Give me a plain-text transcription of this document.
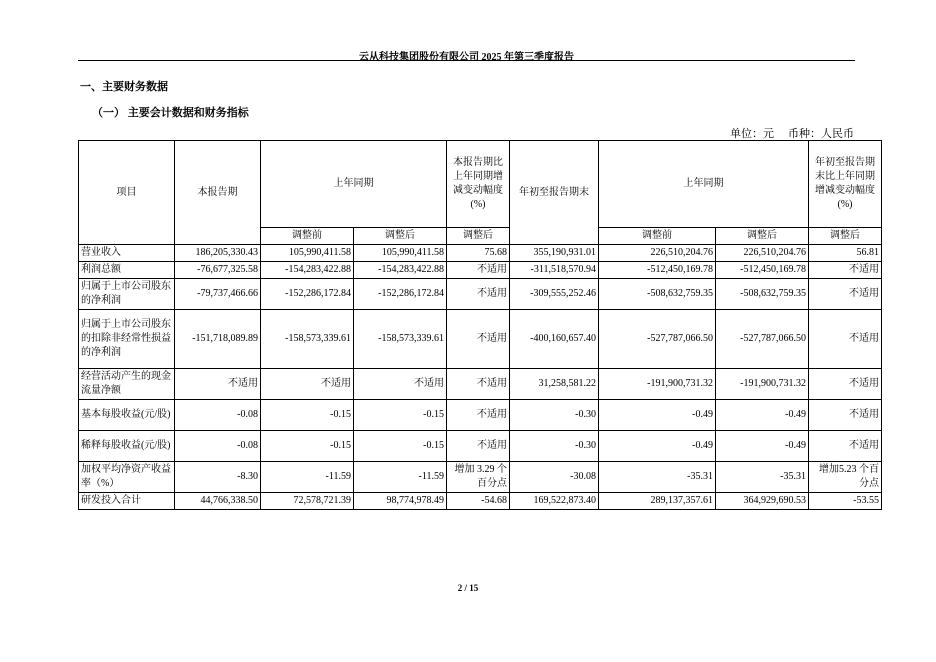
云从科技集团股份有限公司 2025 年第三季度报告
一、主要财务数据
（一） 主要会计数据和财务指标
单位：元 币种：人民币
项目	本报告期	上年同期		本报告期比上年同期增减变动幅度(%)	年初至报告期末	上年同期		年初至报告期末比上年同期增减变动幅度(%)
		调整前	调整后	调整后		调整前	调整后	调整后
营业收入	186,205,330.43	105,990,411.58	105,990,411.58	75.68	355,190,931.01	226,510,204.76	226,510,204.76	56.81
利润总额	-76,677,325.58	-154,283,422.88	-154,283,422.88	不适用	-311,518,570.94	-512,450,169.78	-512,450,169.78	不适用
归属于上市公司股东的净利润	-79,737,466.66	-152,286,172.84	-152,286,172.84	不适用	-309,555,252.46	-508,632,759.35	-508,632,759.35	不适用
归属于上市公司股东的扣除非经常性损益的净利润	-151,718,089.89	-158,573,339.61	-158,573,339.61	不适用	-400,160,657.40	-527,787,066.50	-527,787,066.50	不适用
经营活动产生的现金流量净额	不适用	不适用	不适用	不适用	31,258,581.22	-191,900,731.32	-191,900,731.32	不适用
基本每股收益(元/股)	-0.08	-0.15	-0.15	不适用	-0.30	-0.49	-0.49	不适用
稀释每股收益(元/股)	-0.08	-0.15	-0.15	不适用	-0.30	-0.49	-0.49	不适用
加权平均净资产收益率（%）	-8.30	-11.59	-11.59	增加 3.29 个百分点	-30.08	-35.31	-35.31	增加5.23 个百分点
研发投入合计	44,766,338.50	72,578,721.39	98,774,978.49	-54.68	169,522,873.40	289,137,357.61	364,929,690.53	-53.55
2 / 15
